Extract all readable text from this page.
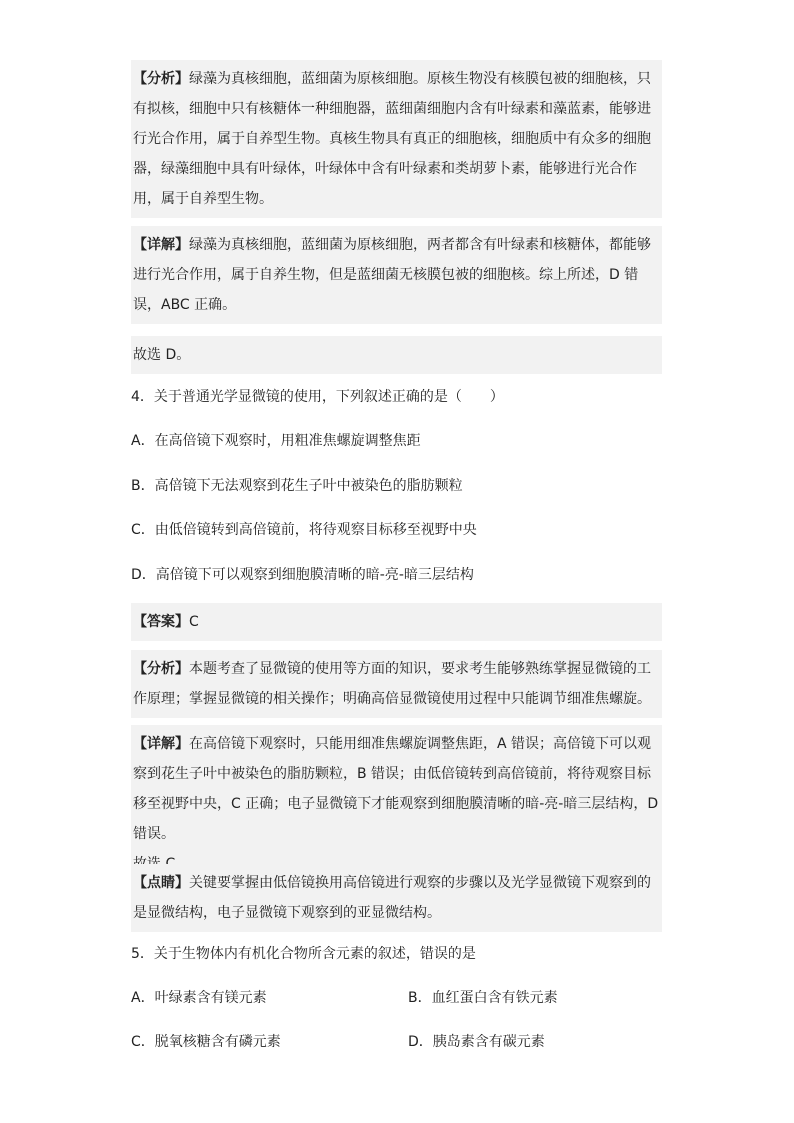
【分析】绿藻为真核细胞，蓝细菌为原核细胞。原核生物没有核膜包被的细胞核，只有拟核，细胞中只有核糖体一种细胞器，蓝细菌细胞内含有叶绿素和藻蓝素，能够进行光合作用，属于自养型生物。真核生物具有真正的细胞核，细胞质中有众多的细胞器，绿藻细胞中具有叶绿体，叶绿体中含有叶绿素和类胡萝卜素，能够进行光合作用，属于自养型生物。
【详解】绿藻为真核细胞，蓝细菌为原核细胞，两者都含有叶绿素和核糖体，都能够进行光合作用，属于自养生物，但是蓝细菌无核膜包被的细胞核。综上所述，D 错误，ABC 正确。
故选 D。
4．关于普通光学显微镜的使用，下列叙述正确的是（　　）
A．在高倍镜下观察时，用粗准焦螺旋调整焦距
B．高倍镜下无法观察到花生子叶中被染色的脂肪颗粒
C．由低倍镜转到高倍镜前，将待观察目标移至视野中央
D．高倍镜下可以观察到细胞膜清晰的暗-亮-暗三层结构
【答案】C
【分析】本题考查了显微镜的使用等方面的知识，要求考生能够熟练掌握显微镜的工作原理；掌握显微镜的相关操作；明确高倍显微镜使用过程中只能调节细准焦螺旋。
【详解】在高倍镜下观察时，只能用细准焦螺旋调整焦距，A 错误；高倍镜下可以观察到花生子叶中被染色的脂肪颗粒，B 错误；由低倍镜转到高倍镜前，将待观察目标移至视野中央，C 正确；电子显微镜下才能观察到细胞膜清晰的暗-亮-暗三层结构，D 错误。

【点睛】关键要掌握由低倍镜换用高倍镜进行观察的步骤以及光学显微镜下观察到的是显微结构，电子显微镜下观察到的亚显微结构。
5．关于生物体内有机化合物所含元素的叙述，错误的是
A．叶绿素含有镁元素	B．血红蛋白含有铁元素
C．脱氧核糖含有磷元素	D．胰岛素含有碳元素
